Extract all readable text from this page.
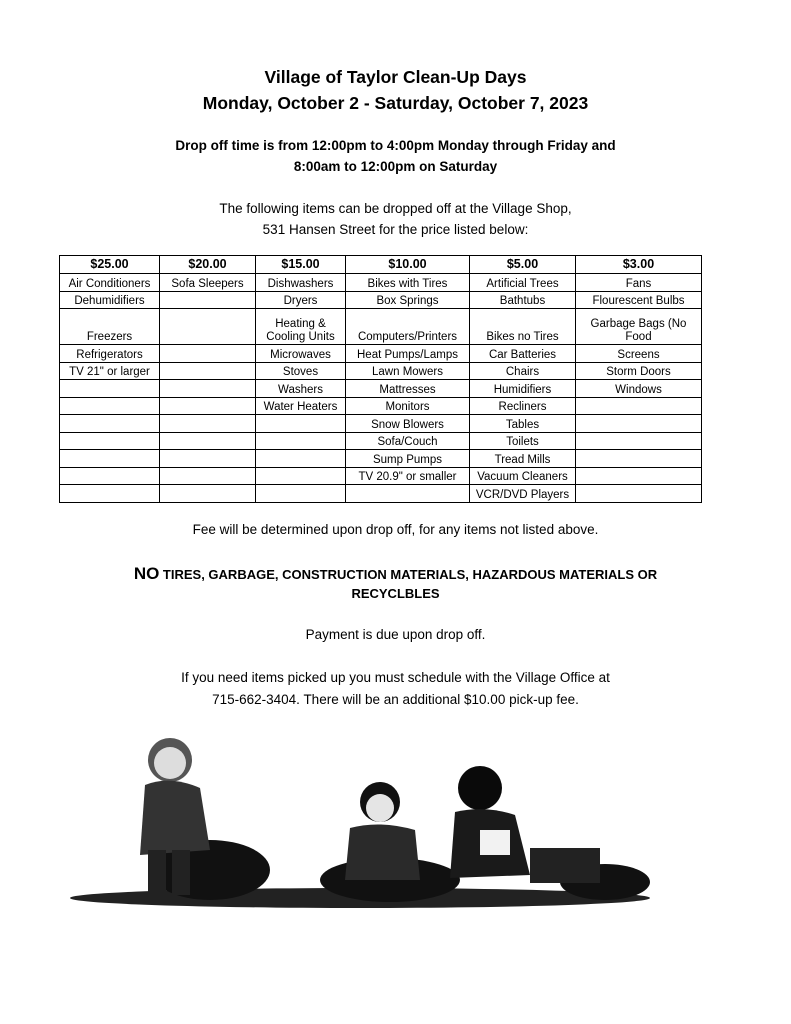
Village of Taylor Clean-Up Days
Monday, October 2 - Saturday, October 7, 2023
Drop off time is from 12:00pm to 4:00pm Monday through Friday and
8:00am to 12:00pm on Saturday
The following items can be dropped off at the Village Shop,
531 Hansen Street for the price listed below:
$25.00	$20.00	$15.00	$10.00	$5.00	$3.00
Air Conditioners	Sofa Sleepers	Dishwashers	Bikes with Tires	Artificial Trees	Fans
Dehumidifiers		Dryers	Box Springs	Bathtubs	Flourescent Bulbs
Freezers		Heating & Cooling Units	Computers/Printers	Bikes no Tires	Garbage Bags (No Food
Refrigerators		Microwaves	Heat Pumps/Lamps	Car Batteries	Screens
TV 21" or larger		Stoves	Lawn Mowers	Chairs	Storm Doors
		Washers	Mattresses	Humidifiers	Windows
		Water Heaters	Monitors	Recliners	
			Snow Blowers	Tables	
			Sofa/Couch	Toilets	
			Sump Pumps	Tread Mills	
			TV 20.9" or smaller	Vacuum Cleaners	
				VCR/DVD Players	
Fee will be determined upon drop off, for any items not listed above.
NO TIRES, GARBAGE, CONSTRUCTION MATERIALS, HAZARDOUS MATERIALS OR
RECYCLBLES
Payment is due upon drop off.
If you need items picked up you must schedule with the Village Office at
715-662-3404. There will be an additional $10.00 pick-up fee.
